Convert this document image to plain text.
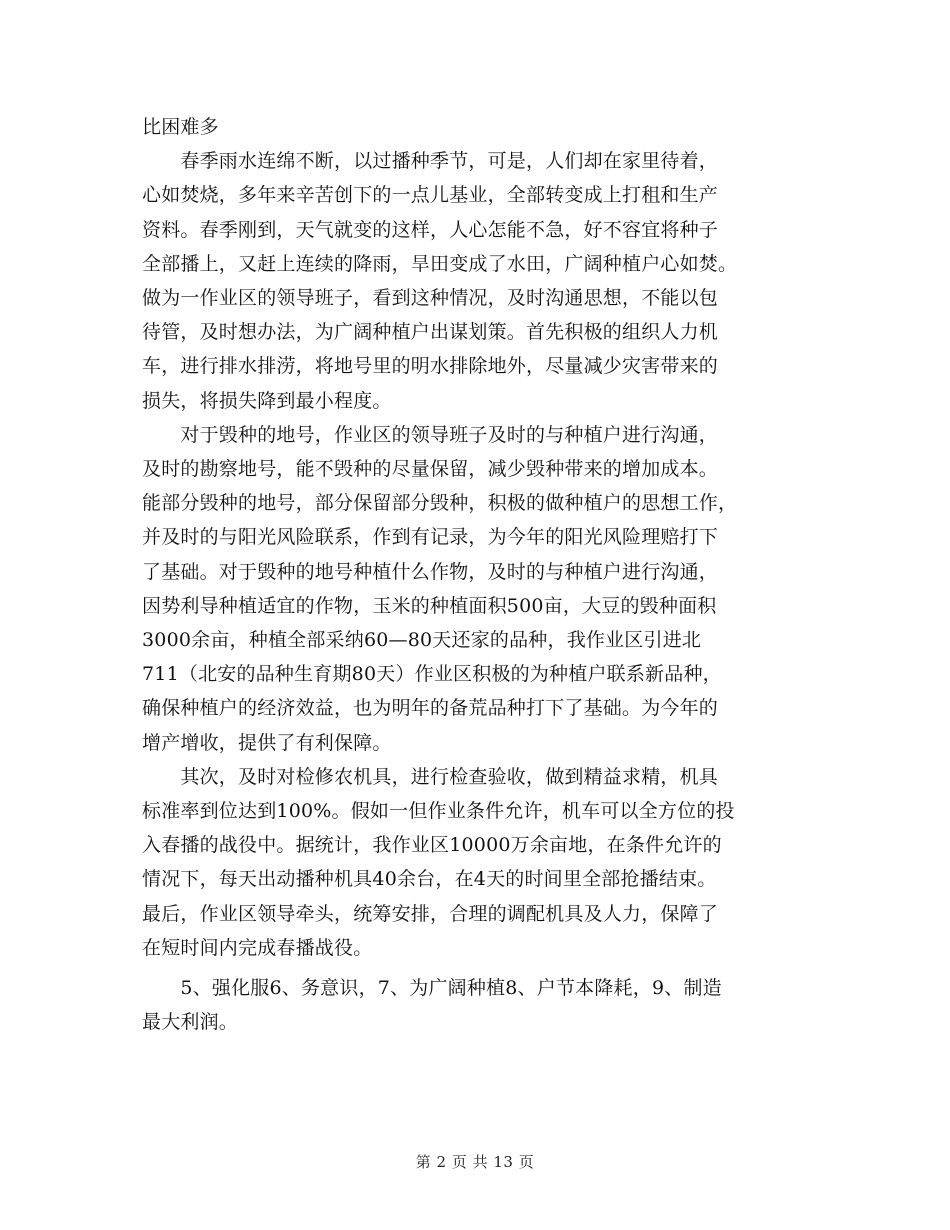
比困难多
　　春季雨水连绵不断，以过播种季节，可是，人们却在家里待着，
心如焚烧，多年来辛苦创下的一点儿基业，全部转变成上打租和生产
资料。春季刚到，天气就变的这样，人心怎能不急，好不容宜将种子
全部播上，又赶上连续的降雨，旱田变成了水田，广阔种植户心如焚。
做为一作业区的领导班子，看到这种情况，及时沟通思想，不能以包
待管，及时想办法，为广阔种植户出谋划策。首先积极的组织人力机
车，进行排水排涝，将地号里的明水排除地外，尽量减少灾害带来的
损失，将损失降到最小程度。
　　对于毁种的地号，作业区的领导班子及时的与种植户进行沟通，
及时的勘察地号，能不毁种的尽量保留，减少毁种带来的增加成本。
能部分毁种的地号，部分保留部分毁种，积极的做种植户的思想工作，
并及时的与阳光风险联系，作到有记录，为今年的阳光风险理赔打下
了基础。对于毁种的地号种植什么作物，及时的与种植户进行沟通，
因势利导种植适宜的作物，玉米的种植面积500亩，大豆的毁种面积
3000余亩，种植全部采纳60—80天还家的品种，我作业区引进北
711（北安的品种生育期80天）作业区积极的为种植户联系新品种，
确保种植户的经济效益，也为明年的备荒品种打下了基础。为今年的
增产增收，提供了有利保障。
　　其次，及时对检修农机具，进行检查验收，做到精益求精，机具
标准率到位达到100%。假如一但作业条件允许，机车可以全方位的投
入春播的战役中。据统计，我作业区10000万余亩地，在条件允许的
情况下，每天出动播种机具40余台，在4天的时间里全部抢播结束。
最后，作业区领导牵头，统筹安排，合理的调配机具及人力，保障了
在短时间内完成春播战役。
　　5、强化服6、务意识，7、为广阔种植8、户节本降耗，9、制造
最大利润。
第 2 页 共 13 页
